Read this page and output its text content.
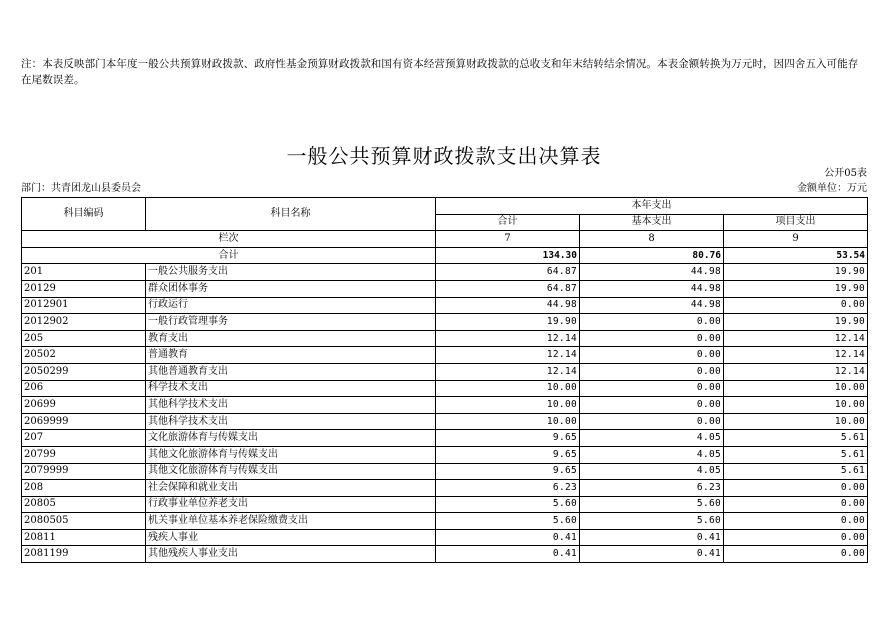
注：本表反映部门本年度一般公共预算财政拨款、政府性基金预算财政拨款和国有资本经营预算财政拨款的总收支和年末结转结余情况。本表金额转换为万元时，因四舍五入可能存在尾数误差。
一般公共预算财政拨款支出决算表
公开05表
部门：共青团龙山县委员会	金额单位：万元
科目编码	科目名称	本年支出		
		合计	基本支出	项目支出
栏次		7	8	9
合计		134.30	80.76	53.54
201	一般公共服务支出	64.87	44.98	19.90
20129	群众团体事务	64.87	44.98	19.90
2012901	行政运行	44.98	44.98	0.00
2012902	一般行政管理事务	19.90	0.00	19.90
205	教育支出	12.14	0.00	12.14
20502	普通教育	12.14	0.00	12.14
2050299	其他普通教育支出	12.14	0.00	12.14
206	科学技术支出	10.00	0.00	10.00
20699	其他科学技术支出	10.00	0.00	10.00
2069999	其他科学技术支出	10.00	0.00	10.00
207	文化旅游体育与传媒支出	9.65	4.05	5.61
20799	其他文化旅游体育与传媒支出	9.65	4.05	5.61
2079999	其他文化旅游体育与传媒支出	9.65	4.05	5.61
208	社会保障和就业支出	6.23	6.23	0.00
20805	行政事业单位养老支出	5.60	5.60	0.00
2080505	机关事业单位基本养老保险缴费支出	5.60	5.60	0.00
20811	残疾人事业	0.41	0.41	0.00
2081199	其他残疾人事业支出	0.41	0.41	0.00
